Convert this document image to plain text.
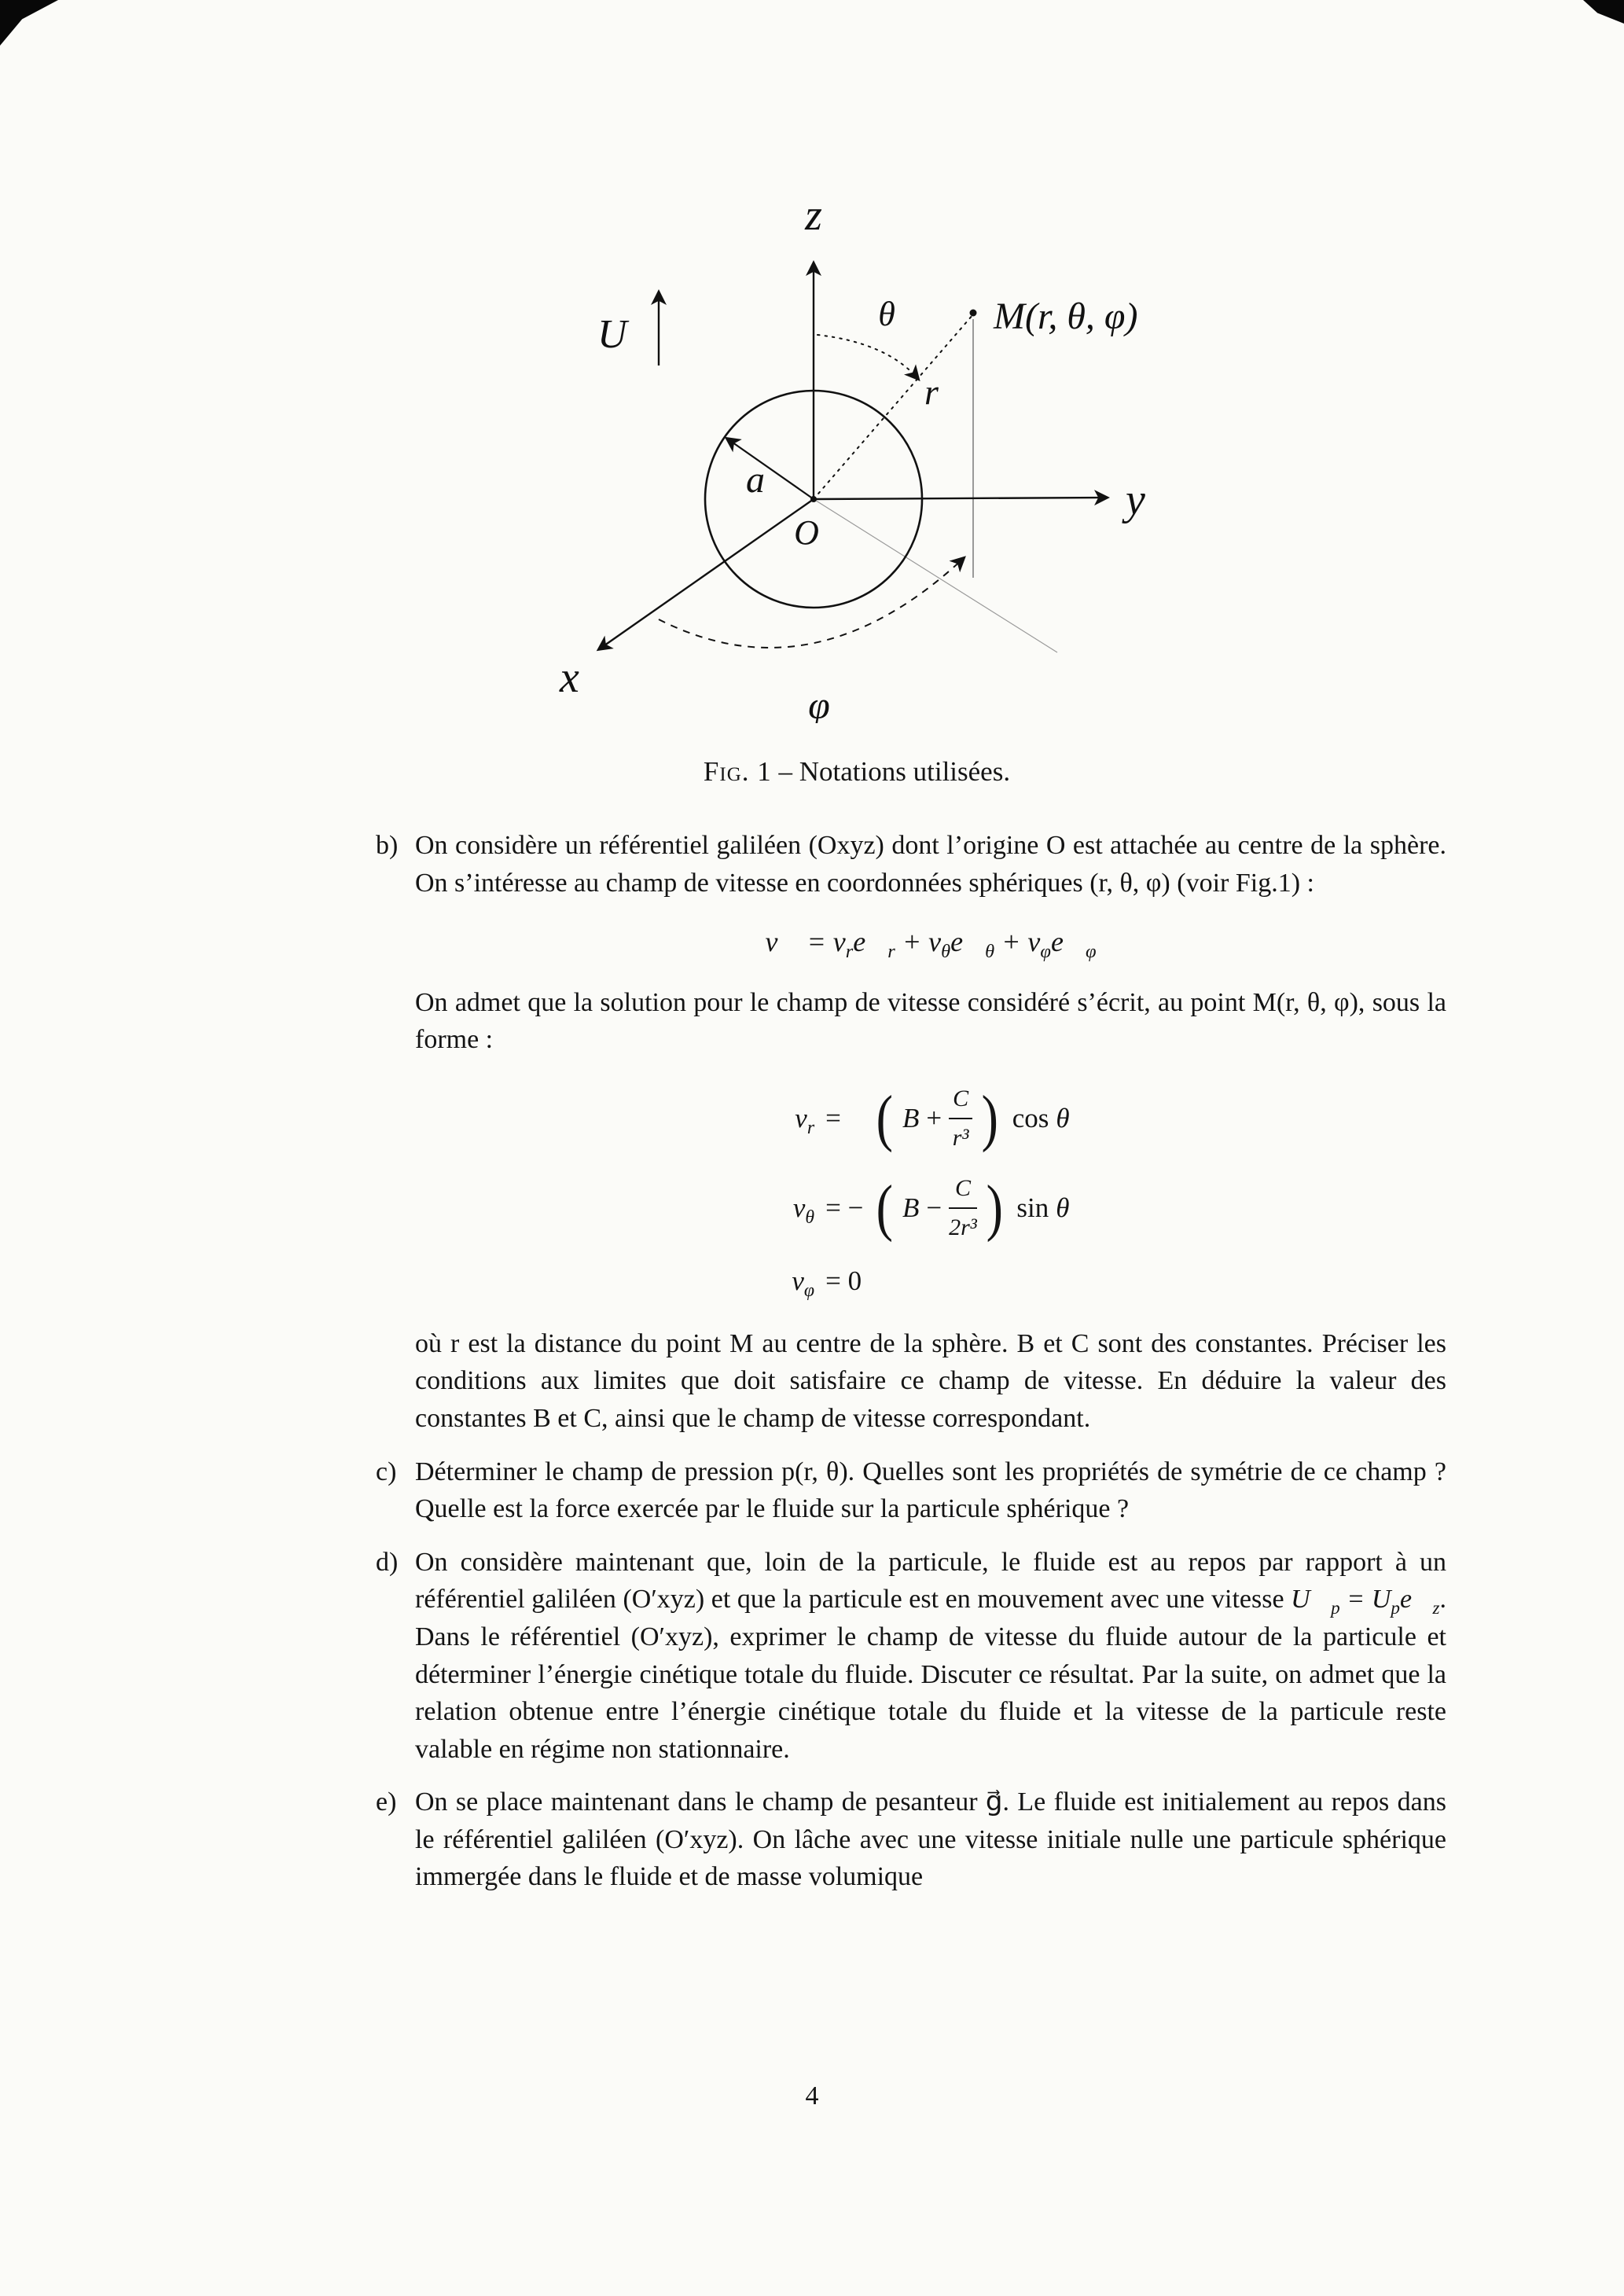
z
y
x
U⃗	θ
r
M(r, θ, φ)
a
O
φ
Fig. 1 – Notations utilisées.
b) On considère un référentiel galiléen (Oxyz) dont l’origine O est attachée au centre de la sphère. On s’intéresse au champ de vitesse en coordonnées sphériques (r, θ, φ) (voir Fig.1) :

v⃗ = $v_re⃗_r$ + $v_\theta e⃗_\theta$ + $v_\varphi e⃗_\varphi$

On admet que la solution pour le champ de vitesse considéré s’écrit, au point M(r, θ, φ), sous la forme :

$v_r$ = ( $B + \frac{C}{\text{r³}}$ ) cos θ
$v_\theta$ = − ( $B - \frac{C}{\text{2r³}}$ ) sin θ
$v_\varphi = 0$

où r est la distance du point M au centre de la sphère. B et C sont des constantes. Préciser les conditions aux limites que doit satisfaire ce champ de vitesse. En déduire la valeur des constantes B et C, ainsi que le champ de vitesse correspondant.

c) Déterminer le champ de pression p(r, θ). Quelles sont les propriétés de symétrie de ce champ ? Quelle est la force exercée par le fluide sur la particule sphérique ?

d) On considère maintenant que, loin de la particule, le fluide est au repos par rapport à un référentiel galiléen (O′xyz) et que la particule est en mouvement avec une vitesse $U⃗_p$ = $U_pe⃗_z$. Dans le référentiel (O′xyz), exprimer le champ de vitesse du fluide autour de la particule et déterminer l’énergie cinétique totale du fluide. Discuter ce résultat. Par la suite, on admet que la relation obtenue entre l’énergie cinétique totale du fluide et la vitesse de la particule reste valable en régime non stationnaire.

e) On se place maintenant dans le champ de pesanteur g⃗. Le fluide est initialement au repos dans le référentiel galiléen (O′xyz). On lâche avec une vitesse initiale nulle une particule sphérique immergée dans le fluide et de masse volumique

4
